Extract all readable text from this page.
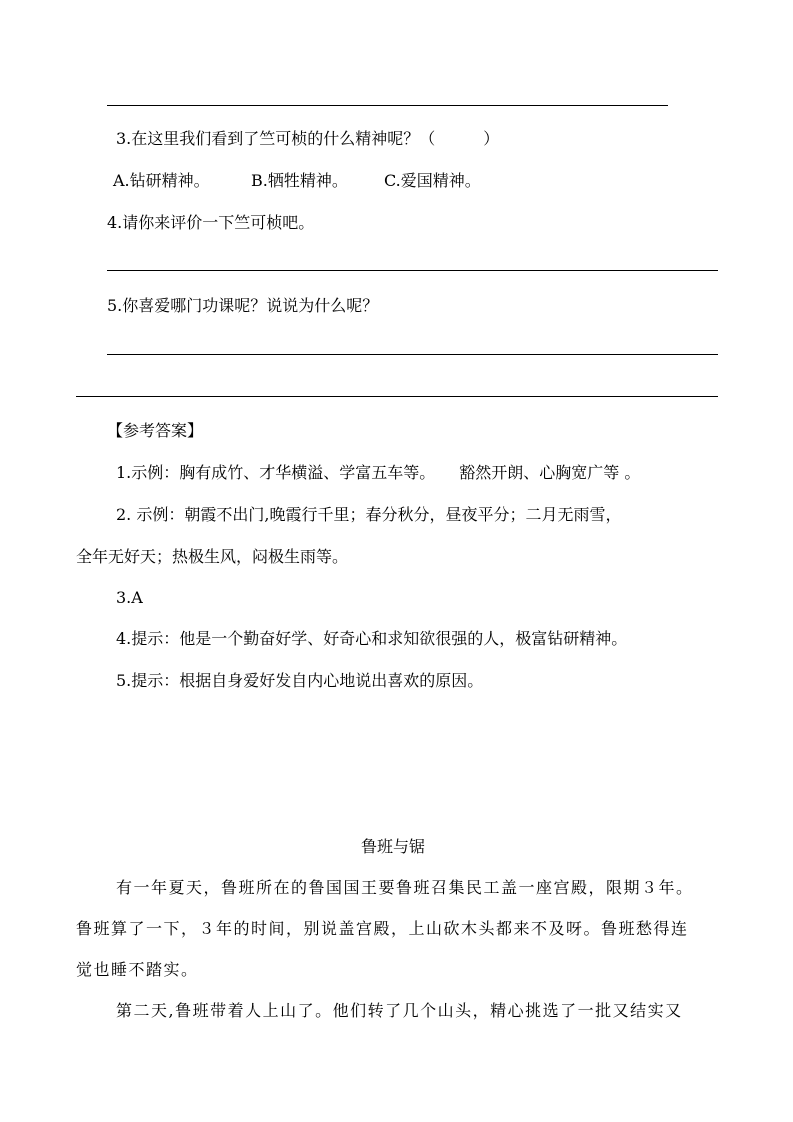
3.在这里我们看到了竺可桢的什么精神呢？（　　　）
A.钻研精神。	B.牺牲精神。 C.爱国精神。
4.请你来评价一下竺可桢吧。
5.你喜爱哪门功课呢？说说为什么呢？
【参考答案】
1.示例：胸有成竹、才华横溢、学富五车等。　　豁然开朗、心胸宽广等 。
2. 示例：朝霞不出门,晚霞行千里；春分秋分，昼夜平分；二月无雨雪，
全年无好天；热极生风，闷极生雨等。
3.A
4.提示：他是一个勤奋好学、好奇心和求知欲很强的人，极富钻研精神。
5.提示：根据自身爱好发自内心地说出喜欢的原因。
鲁班与锯
有一年夏天，鲁班所在的鲁国国王要鲁班召集民工盖一座宫殿，限期３年。
鲁班算了一下，３年的时间，别说盖宫殿，上山砍木头都来不及呀。鲁班愁得连
觉也睡不踏实。
第二天,鲁班带着人上山了。他们转了几个山头，精心挑选了一批又结实又
